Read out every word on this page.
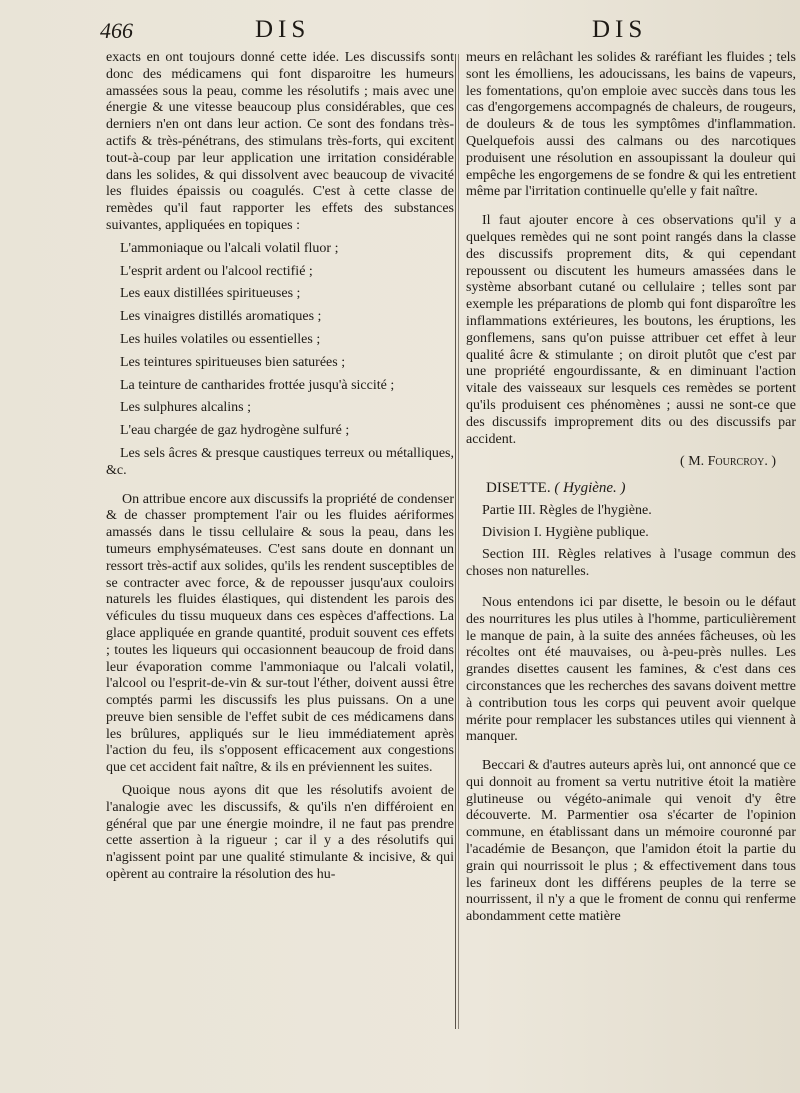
466	DIS	DIS

exacts en ont toujours donné cette idée. Les discussifs sont donc des médicamens qui font disparoitre les humeurs amassées sous la peau, comme les résolutifs ; mais avec une énergie & une vitesse beaucoup plus considérables, que ces derniers n'en ont dans leur action. Ce sont des fondans très-actifs & très-pénétrans, des stimulans très-forts, qui excitent tout-à-coup par leur application une irritation considérable dans les solides, & qui dissolvent avec beaucoup de vivacité les fluides épaissis ou coagulés. C'est à cette classe de remèdes qu'il faut rapporter les effets des substances suivantes, appliquées en topiques :

L'ammoniaque ou l'alcali volatil fluor ;
L'esprit ardent ou l'alcool rectifié ;
Les eaux distillées spiritueuses ;
Les vinaigres distillés aromatiques ;
Les huiles volatiles ou essentielles ;
Les teintures spiritueuses bien saturées ;
La teinture de cantharides frottée jusqu'à siccité ;
Les sulphures alcalins ;
L'eau chargée de gaz hydrogène sulfuré ;
Les sels âcres & presque caustiques terreux ou métalliques, &c.

On attribue encore aux discussifs la propriété de condenser & de chasser promptement l'air ou les fluides aériformes amassés dans le tissu cellulaire & sous la peau, dans les tumeurs emphysémateuses. C'est sans doute en donnant un ressort très-actif aux solides, qu'ils les rendent susceptibles de se contracter avec force, & de repousser jusqu'aux couloirs naturels les fluides élastiques, qui distendent les parois des véficules du tissu muqueux dans ces espèces d'affections. La glace appliquée en grande quantité, produit souvent ces effets ; toutes les liqueurs qui occasionnent beaucoup de froid dans leur évaporation comme l'ammoniaque ou l'alcali volatil, l'alcool ou l'esprit-de-vin & sur-tout l'éther, doivent aussi être comptés parmi les discussifs les plus puissans. On a une preuve bien sensible de l'effet subit de ces médicamens dans les brûlures, appliqués sur le lieu immédiatement après l'action du feu, ils s'opposent efficacement aux congestions que cet accident fait naître, & ils en préviennent les suites.

Quoique nous ayons dit que les résolutifs avoient de l'analogie avec les discussifs, & qu'ils n'en différoient en général que par une énergie moindre, il ne faut pas prendre cette assertion à la rigueur ; car il y a des résolutifs qui n'agissent point par une qualité stimulante & incisive, & qui opèrent au contraire la résolution des hu-

meurs en relâchant les solides & raréfiant les fluides ; tels sont les émolliens, les adoucissans, les bains de vapeurs, les fomentations, qu'on emploie avec succès dans tous les cas d'engorgemens accompagnés de chaleurs, de rougeurs, de douleurs & de tous les symptômes d'inflammation. Quelquefois aussi des calmans ou des narcotiques produisent une résolution en assoupissant la douleur qui empêche les engorgemens de se fondre & qui les entretient même par l'irritation continuelle qu'elle y fait naître.

Il faut ajouter encore à ces observations qu'il y a quelques remèdes qui ne sont point rangés dans la classe des discussifs proprement dits, & qui cependant repoussent ou discutent les humeurs amassées dans le système absorbant cutané ou cellulaire ; telles sont par exemple les préparations de plomb qui font disparoître les inflammations extérieures, les boutons, les éruptions, les gonflemens, sans qu'on puisse attribuer cet effet à leur qualité âcre & stimulante ; on diroit plutôt que c'est par une propriété engourdissante, & en diminuant l'action vitale des vaisseaux sur lesquels ces remèdes se portent qu'ils produisent ces phénomènes ; aussi ne sont-ce que des discussifs improprement dits ou des discussifs par accident.

( M. Fourcroy. )
DISETTE. ( Hygiène. )
Partie III. Règles de l'hygiène.
Division I. Hygiène publique.
Section III. Règles relatives à l'usage commun des choses non naturelles.

Nous entendons ici par disette, le besoin ou le défaut des nourritures les plus utiles à l'homme, particulièrement le manque de pain, à la suite des années fâcheuses, où les récoltes ont été mauvaises, ou à-peu-près nulles. Les grandes disettes causent les famines, & c'est dans ces circonstances que les recherches des savans doivent mettre à contribution tous les corps qui peuvent avoir quelque mérite pour remplacer les substances utiles qui viennent à manquer.

Beccari & d'autres auteurs après lui, ont annoncé que ce qui donnoit au froment sa vertu nutritive étoit la matière glutineuse ou végéto-animale qui venoit d'y être découverte. M. Parmentier osa s'écarter de l'opinion commune, en établissant dans un mémoire couronné par l'académie de Besançon, que l'amidon étoit la partie du grain qui nourrissoit le plus ; & effectivement dans tous les farineux dont les différens peuples de la terre se nourrissent, il n'y a que le froment de connu qui renferme abondamment cette matière
